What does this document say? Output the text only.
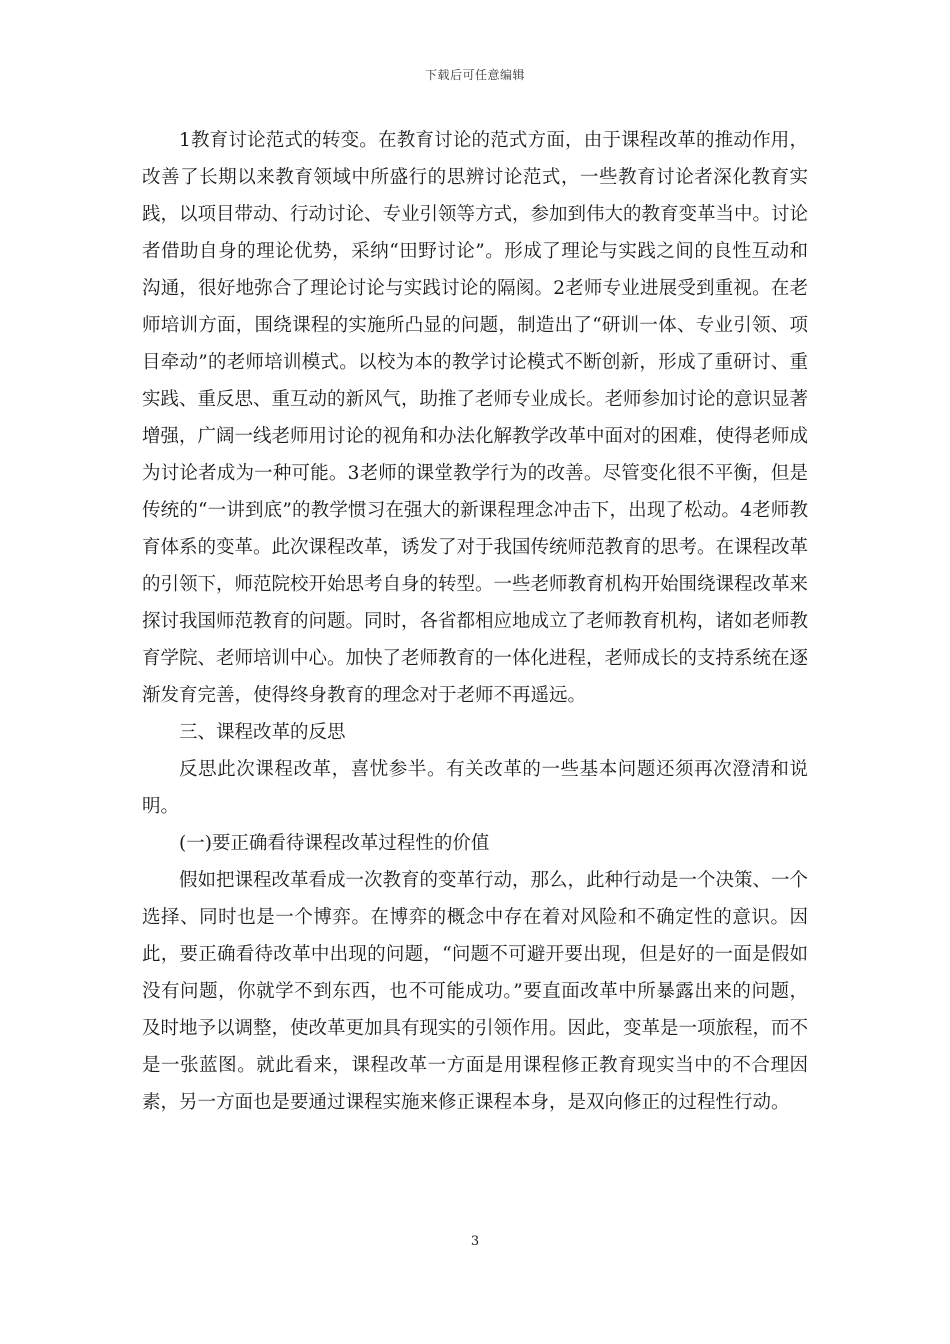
下载后可任意编辑

1教育讨论范式的转变。在教育讨论的范式方面，由于课程改革的推动作用，改善了长期以来教育领域中所盛行的思辨讨论范式，一些教育讨论者深化教育实践，以项目带动、行动讨论、专业引领等方式，参加到伟大的教育变革当中。讨论者借助自身的理论优势，采纳“田野讨论”。形成了理论与实践之间的良性互动和沟通，很好地弥合了理论讨论与实践讨论的隔阂。2老师专业进展受到重视。在老师培训方面，围绕课程的实施所凸显的问题，制造出了“研训一体、专业引领、项目牵动”的老师培训模式。以校为本的教学讨论模式不断创新，形成了重研讨、重实践、重反思、重互动的新风气，助推了老师专业成长。老师参加讨论的意识显著增强，广阔一线老师用讨论的视角和办法化解教学改革中面对的困难，使得老师成为讨论者成为一种可能。3老师的课堂教学行为的改善。尽管变化很不平衡，但是传统的“一讲到底”的教学惯习在强大的新课程理念冲击下，出现了松动。4老师教育体系的变革。此次课程改革，诱发了对于我国传统师范教育的思考。在课程改革的引领下，师范院校开始思考自身的转型。一些老师教育机构开始围绕课程改革来探讨我国师范教育的问题。同时，各省都相应地成立了老师教育机构，诸如老师教育学院、老师培训中心。加快了老师教育的一体化进程，老师成长的支持系统在逐渐发育完善，使得终身教育的理念对于老师不再遥远。

三、课程改革的反思

反思此次课程改革，喜忧参半。有关改革的一些基本问题还须再次澄清和说明。

(一)要正确看待课程改革过程性的价值

假如把课程改革看成一次教育的变革行动，那么，此种行动是一个决策、一个选择、同时也是一个博弈。在博弈的概念中存在着对风险和不确定性的意识。因此，要正确看待改革中出现的问题，“问题不可避开要出现，但是好的一面是假如没有问题，你就学不到东西，也不可能成功。”要直面改革中所暴露出来的问题，及时地予以调整，使改革更加具有现实的引领作用。因此，变革是一项旅程，而不是一张蓝图。就此看来，课程改革一方面是用课程修正教育现实当中的不合理因素，另一方面也是要通过课程实施来修正课程本身，是双向修正的过程性行动。

3
